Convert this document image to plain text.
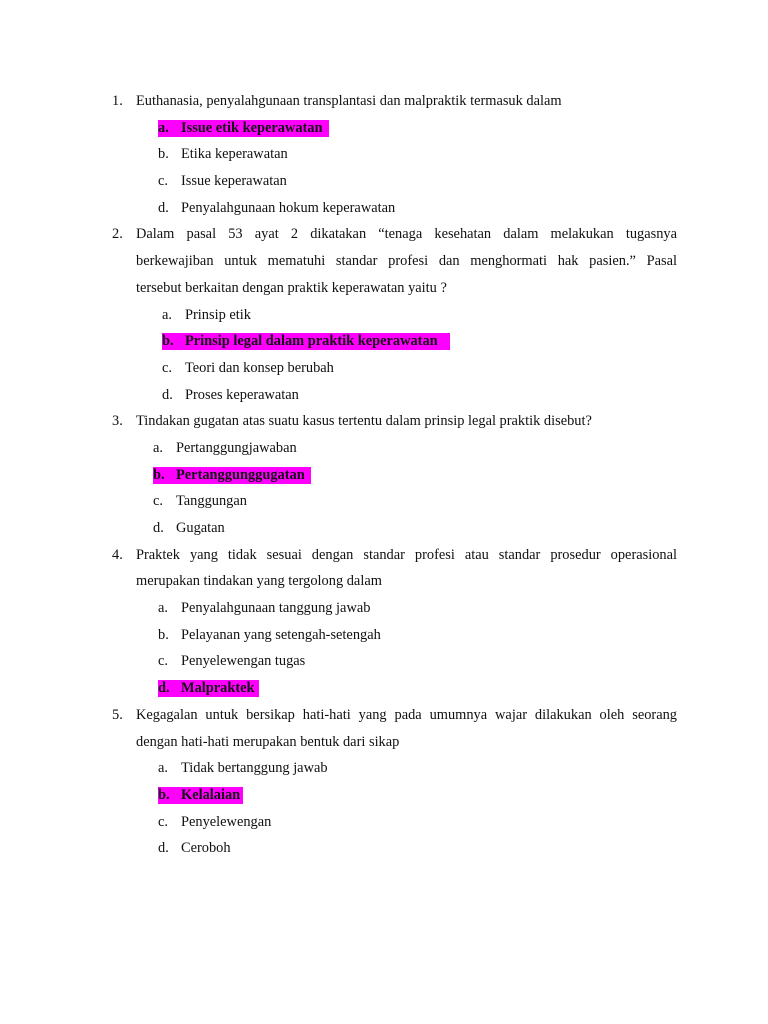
1. Euthanasia, penyalahgunaan transplantasi dan malpraktik termasuk dalam
a. Issue etik keperawatan
b. Etika keperawatan
c. Issue keperawatan
d. Penyalahgunaan hokum keperawatan
2. Dalam pasal 53 ayat 2 dikatakan “tenaga kesehatan dalam melakukan tugasnya
berkewajiban untuk mematuhi standar profesi dan menghormati hak pasien.” Pasal
tersebut berkaitan dengan praktik keperawatan yaitu ?
a. Prinsip etik
b. Prinsip legal dalam praktik keperawatan
c. Teori dan konsep berubah
d. Proses keperawatan
3. Tindakan gugatan atas suatu kasus tertentu dalam prinsip legal praktik disebut?
a. Pertanggungjawaban
b. Pertanggunggugatan
c. Tanggungan
d. Gugatan
4. Praktek yang tidak sesuai dengan standar profesi atau standar prosedur operasional
merupakan tindakan yang tergolong dalam
a. Penyalahgunaan tanggung jawab
b. Pelayanan yang setengah-setengah
c. Penyelewengan tugas
d. Malpraktek
5. Kegagalan untuk bersikap hati-hati yang pada umumnya wajar dilakukan oleh seorang
dengan hati-hati merupakan bentuk dari sikap
a. Tidak bertanggung jawab
b. Kelalaian
c. Penyelewengan
d. Ceroboh
